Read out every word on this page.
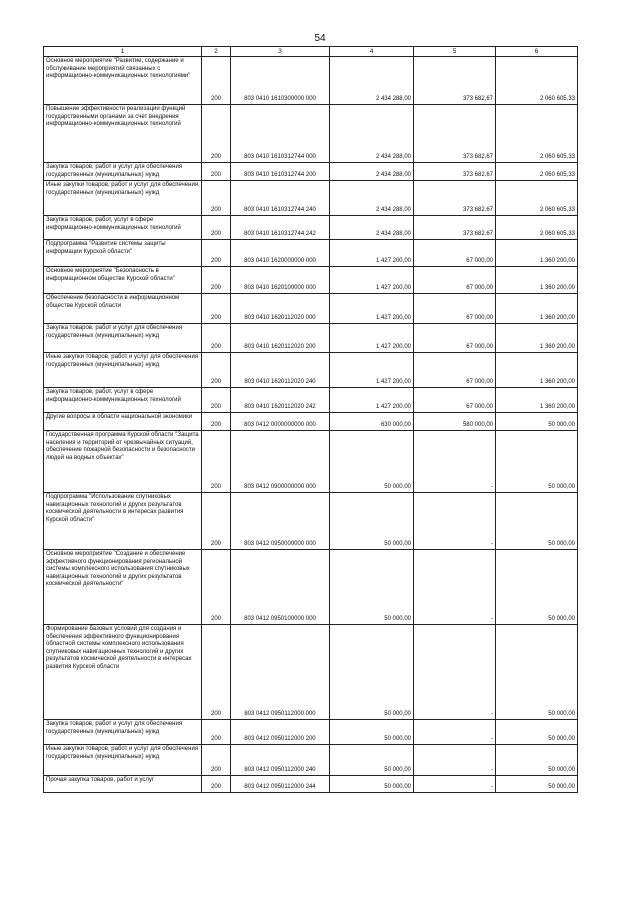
54
1	2	3	4	5	6
Основное мероприятие "Развитие, содержание и обслуживание мероприятий связанных с информационно-коммуникационных технологиями"	200	803 0410 1610300000 000	2 434 288,00	373 682,67	2 060 605,33
Повышение эффективности реализации функций государственными органами за счет внедрения информационно-коммуникационных технологий	200	803 0410 1610312744 000	2 434 288,00	373 682,67	2 060 605,33
Закупка товаров, работ и услуг для обеспечения государственных (муниципальных) нужд	200	803 0410 1610312744 200	2 434 288,00	373 682,67	2 060 605,33
Иные закупки товаров, работ и услуг для обеспечения государственных (муниципальных) нужд	200	803 0410 1610312744 240	2 434 288,00	373 682,67	2 060 605,33
Закупка товаров, работ, услуг в сфере информационно-коммуникационных технологий	200	803 0410 1610312744 242	2 434 288,00	373 682,67	2 060 605,33
Подпрограмма "Развитие системы защиты информации Курской области"	200	803 0410 1620000000 000	1 427 200,00	67 000,00	1 360 200,00
Основное мероприятие "Безопасность в информационном обществе Курской области"	200	803 0410 1620100000 000	1 427 200,00	67 000,00	1 360 200,00
Обеспечение безопасности в информационном обществе Курской области	200	803 0410 1620112020 000	1 427 200,00	67 000,00	1 360 200,00
Закупка товаров, работ и услуг для обеспечения государственных (муниципальных) нужд	200	803 0410 1620112020 200	1 427 200,00	67 000,00	1 360 200,00
Иные закупки товаров, работ и услуг для обеспечения государственных (муниципальных) нужд	200	803 0410 1620112020 240	1 427 200,00	67 000,00	1 360 200,00
Закупка товаров, работ, услуг в сфере информационно-коммуникационных технологий	200	803 0410 1620112020 242	1 427 200,00	67 000,00	1 360 200,00
Другие вопросы в области национальной экономики	200	803 0412 0000000000 000	630 000,00	580 000,00	50 000,00
Государственная программа Курской области "Защита населения и территорий от чрезвычайных ситуаций, обеспечение пожарной безопасности и безопасности людей на водных объектах"	200	803 0412 0900000000 000	50 000,00	-	50 000,00
Подпрограмма "Использование спутниковых навигационных технологий и других результатов космической деятельности в интересах развития Курской области"	200	803 0412 0950000000 000	50 000,00	-	50 000,00
Основное мероприятие "Создание и обеспечение эффективного функционирования региональной системы комплексного использования спутниковых навигационных технологий и других результатов космической деятельности"	200	803 0412 0950100000 000	50 000,00	-	50 000,00
Формирование базовых условий для создания и обеспечения эффективного функционирования областной системы комплексного использования спутниковых навигационных технологий и других результатов космической деятельности в интересах развития Курской области	200	803 0412 0950112000 000	50 000,00	-	50 000,00
Закупка товаров, работ и услуг для обеспечения государственных (муниципальных) нужд	200	803 0412 0950112000 200	50 000,00	-	50 000,00
Иные закупки товаров, работ и услуг для обеспечения государственных (муниципальных) нужд	200	803 0412 0950112000 240	50 000,00	-	50 000,00
Прочая закупка товаров, работ и услуг	200	803 0412 0950112000 244	50 000,00	-	50 000,00
